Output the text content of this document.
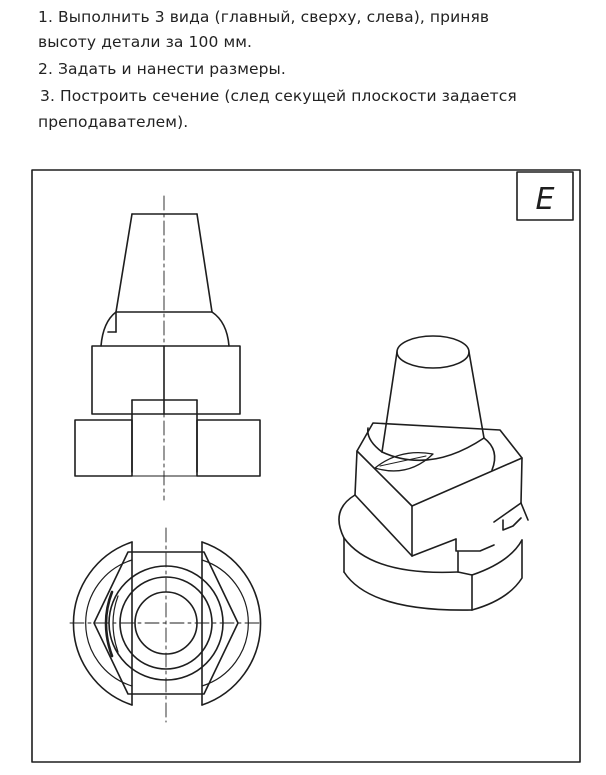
1. Выполнить 3 вида (главный, сверху, слева), приняв
высоту детали за 100 мм.
2. Задать и нанести размеры.
3. Построить сечение (след секущей плоскости задается
преподавателем).
E
